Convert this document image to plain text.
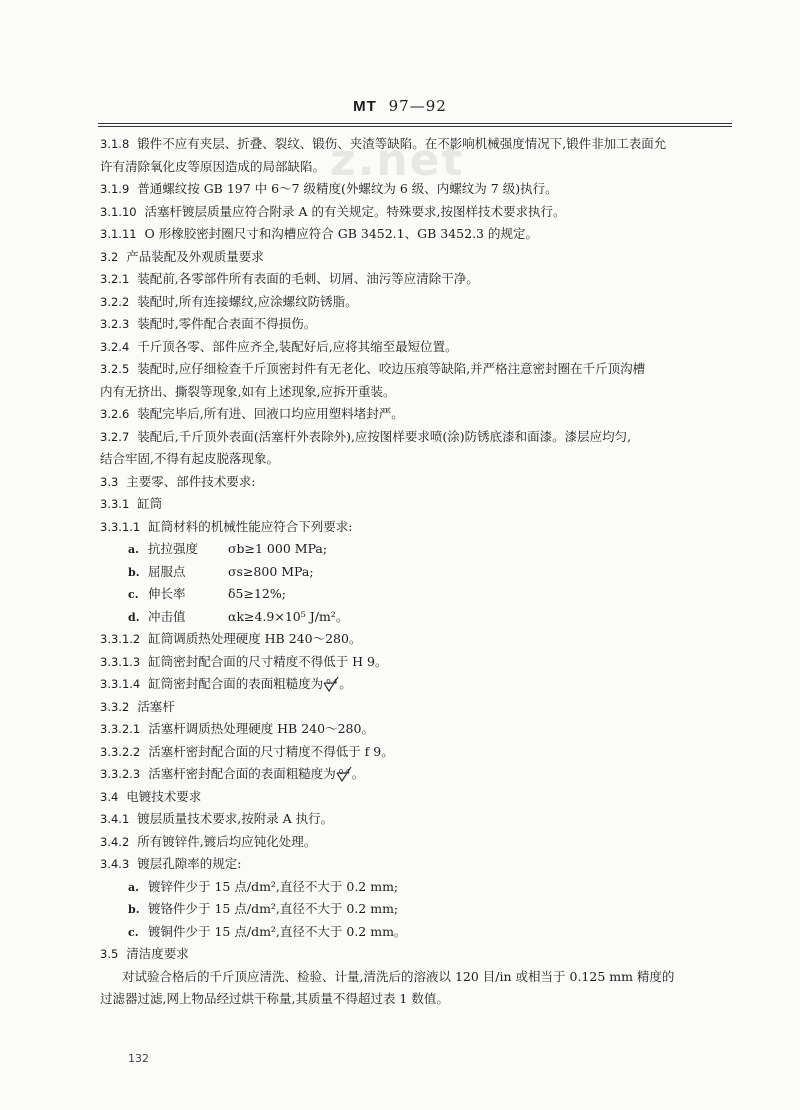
MT 97—92
z.net
3.1.8 锻件不应有夹层、折叠、裂纹、锻伤、夹渣等缺陷。在不影响机械强度情况下,锻件非加工表面允
许有清除氧化皮等原因造成的局部缺陷。
3.1.9 普通螺纹按 GB 197 中 6～7 级精度(外螺纹为 6 级、内螺纹为 7 级)执行。
3.1.10 活塞杆镀层质量应符合附录 A 的有关规定。特殊要求,按图样技术要求执行。
3.1.11 O 形橡胶密封圈尺寸和沟槽应符合 GB 3452.1、GB 3452.3 的规定。
3.2 产品装配及外观质量要求
3.2.1 装配前,各零部件所有表面的毛刺、切屑、油污等应清除干净。
3.2.2 装配时,所有连接螺纹,应涂螺纹防锈脂。
3.2.3 装配时,零件配合表面不得损伤。
3.2.4 千斤顶各零、部件应齐全,装配好后,应将其缩至最短位置。
3.2.5 装配时,应仔细检查千斤顶密封件有无老化、咬边压痕等缺陷,并严格注意密封圈在千斤顶沟槽
内有无挤出、撕裂等现象,如有上述现象,应拆开重装。
3.2.6 装配完毕后,所有进、回液口均应用塑料堵封严。
3.2.7 装配后,千斤顶外表面(活塞杆外表除外),应按图样要求喷(涂)防锈底漆和面漆。漆层应均匀,
结合牢固,不得有起皮脱落现象。
3.3 主要零、部件技术要求:
3.3.1 缸筒
3.3.1.1 缸筒材料的机械性能应符合下列要求:
a. 抗拉强度 σb≥1 000 MPa;
b. 屈服点	σs≥800 MPa;
c. 伸长率	δ5≥12%;
d. 冲击值	αk≥4.9×10⁵ J/m²。
3.3.1.2 缸筒调质热处理硬度 HB 240～280。
3.3.1.3 缸筒密封配合面的尺寸精度不得低于 H 9。
3.3.1.4 缸筒密封配合面的表面粗糙度为 0.4 。
3.3.2 活塞杆
3.3.2.1 活塞杆调质热处理硬度 HB 240～280。
3.3.2.2 活塞杆密封配合面的尺寸精度不得低于 f 9。
3.3.2.3 活塞杆密封配合面的表面粗糙度为 0.4 。
3.4 电镀技术要求
3.4.1 镀层质量技术要求,按附录 A 执行。
3.4.2 所有镀锌件,镀后均应钝化处理。
3.4.3 镀层孔隙率的规定:
a. 镀锌件少于 15 点/dm²,直径不大于 0.2 mm;
b. 镀铬件少于 15 点/dm²,直径不大于 0.2 mm;
c. 镀铜件少于 15 点/dm²,直径不大于 0.2 mm。
3.5 清洁度要求
对试验合格后的千斤顶应清洗、检验、计量,清洗后的溶液以 120 目/in 或相当于 0.125 mm 精度的
过滤器过滤,网上物品经过烘干称量,其质量不得超过表 1 数值。
132
